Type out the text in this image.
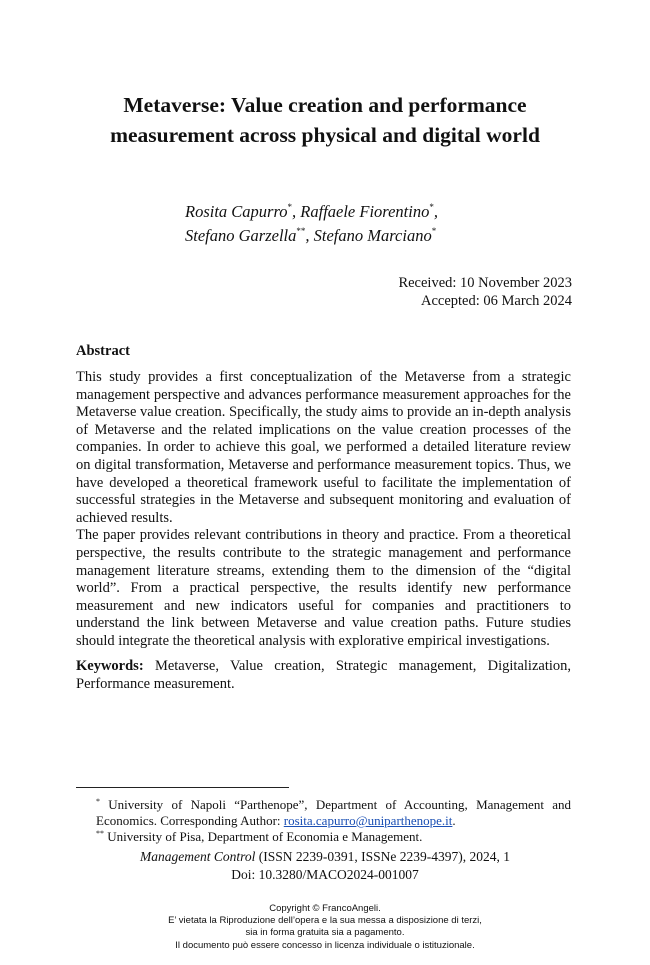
Metaverse: Value creation and performance
measurement across physical and digital world
Rosita Capurro*, Raffaele Fiorentino*,
Stefano Garzella**, Stefano Marciano*
Received: 10 November 2023
Accepted: 06 March 2024
Abstract

This study provides a first conceptualization of the Metaverse from a strategic management perspective and advances performance measurement approaches for the Metaverse value creation. Specifically, the study aims to provide an in-depth analysis of Metaverse and the related implications on the value creation processes of the companies. In order to achieve this goal, we performed a detailed literature review on digital transformation, Metaverse and performance measurement topics. Thus, we have developed a theoretical framework useful to facilitate the implementation of successful strategies in the Metaverse and subsequent monitoring and evaluation of achieved results.

The paper provides relevant contributions in theory and practice. From a theoretical perspective, the results contribute to the strategic management and performance management literature streams, extending them to the dimension of the “digital world”. From a practical perspective, the results identify new performance measurement and new indicators useful for companies and practitioners to understand the link between Metaverse and value creation paths. Future studies should integrate the theoretical analysis with explorative empirical investigations.

Keywords: Metaverse, Value creation, Strategic management, Digitalization, Performance measurement.

* University of Napoli “Parthenope”, Department of Accounting, Management and Economics. Corresponding Author: rosita.capurro@uniparthenope.it.

** University of Pisa, Department of Economia e Management.

Management Control (ISSN 2239-0391, ISSNe 2239-4397), 2024, 1
Doi: 10.3280/MACO2024-001007
Copyright © FrancoAngeli.
E’ vietata la Riproduzione dell’opera e la sua messa a disposizione di terzi,
sia in forma gratuita sia a pagamento.
Il documento può essere concesso in licenza individuale o istituzionale.
